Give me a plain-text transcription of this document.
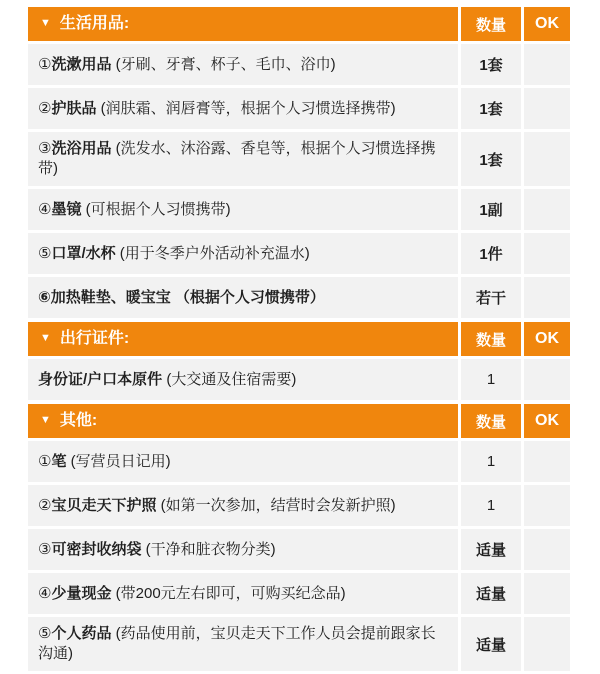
▼ 生活用品:	数量	OK
①洗漱用品 (牙刷、牙膏、杯子、毛巾、浴巾)	1套
②护肤品 (润肤霜、润唇膏等，根据个人习惯选择携带)	1套
③洗浴用品 (洗发水、沐浴露、香皂等，根据个人习惯选择携带)	1套
④墨镜 (可根据个人习惯携带)	1副
⑤口罩/水杯 (用于冬季户外活动补充温水)	1件
⑥加热鞋垫、暖宝宝 （根据个人习惯携带）	若干
▼ 出行证件:	数量	OK
身份证/户口本原件 (大交通及住宿需要)	1
▼ 其他:	数量	OK
①笔 (写营员日记用)	1
②宝贝走天下护照 (如第一次参加，结营时会发新护照)	1
③可密封收纳袋 (干净和脏衣物分类)	适量
④少量现金 (带200元左右即可，可购买纪念品)	适量
⑤个人药品 (药品使用前，宝贝走天下工作人员会提前跟家长沟通)	适量
